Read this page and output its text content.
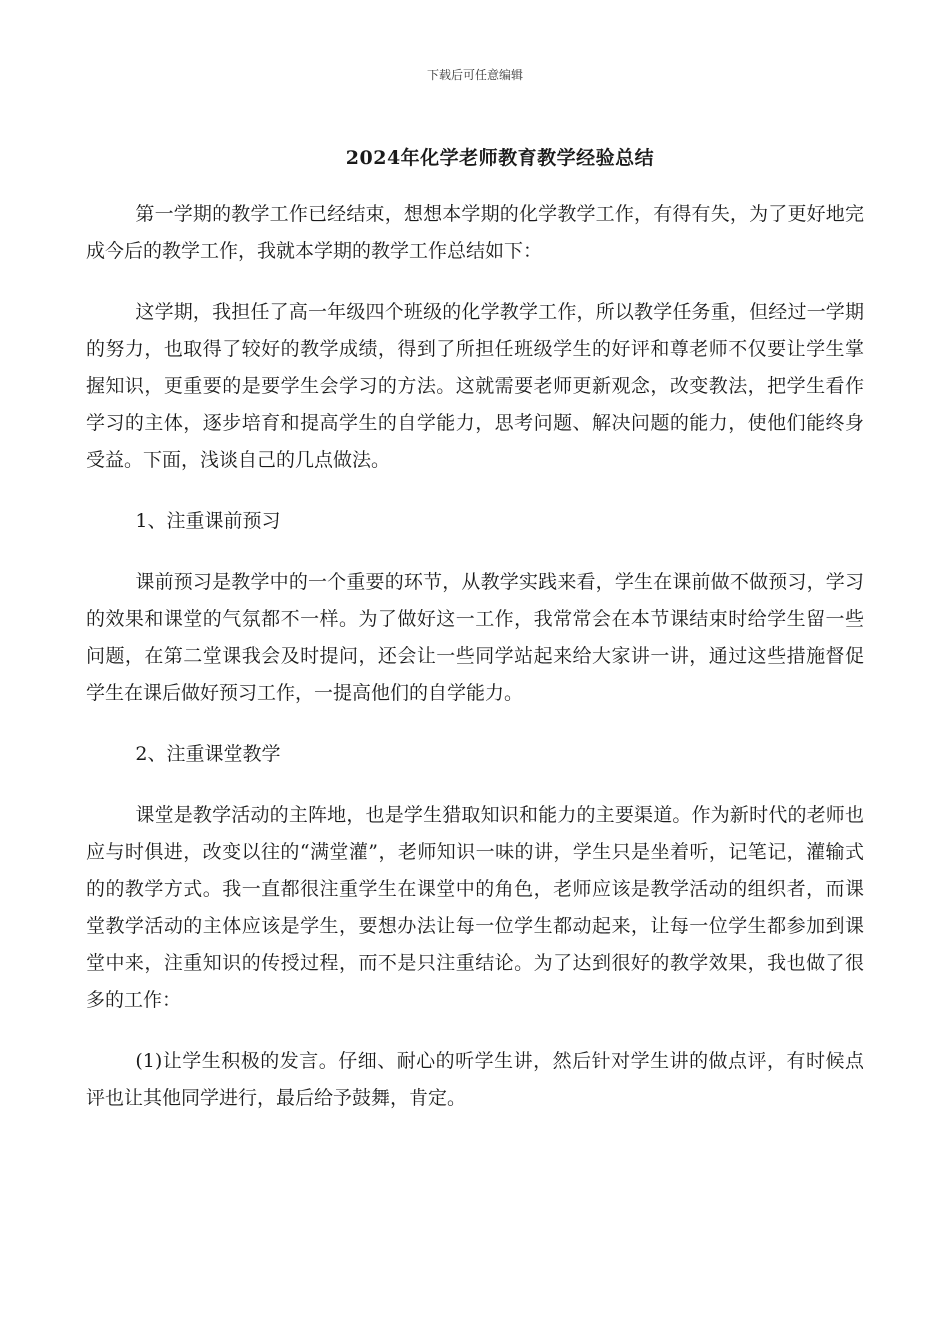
下载后可任意编辑
2024年化学老师教育教学经验总结

第一学期的教学工作已经结束，想想本学期的化学教学工作，有得有失，为了更好地完成今后的教学工作，我就本学期的教学工作总结如下：

这学期，我担任了高一年级四个班级的化学教学工作，所以教学任务重，但经过一学期的努力，也取得了较好的教学成绩，得到了所担任班级学生的好评和尊老师不仅要让学生掌握知识，更重要的是要学生会学习的方法。这就需要老师更新观念，改变教法，把学生看作学习的主体，逐步培育和提高学生的自学能力，思考问题、解决问题的能力，使他们能终身受益。下面，浅谈自己的几点做法。

1、注重课前预习

课前预习是教学中的一个重要的环节，从教学实践来看，学生在课前做不做预习，学习的效果和课堂的气氛都不一样。为了做好这一工作，我常常会在本节课结束时给学生留一些问题，在第二堂课我会及时提问，还会让一些同学站起来给大家讲一讲，通过这些措施督促学生在课后做好预习工作，一提高他们的自学能力。

2、注重课堂教学

课堂是教学活动的主阵地，也是学生猎取知识和能力的主要渠道。作为新时代的老师也应与时俱进，改变以往的“满堂灌”，老师知识一味的讲，学生只是坐着听，记笔记，灌输式的的教学方式。我一直都很注重学生在课堂中的角色，老师应该是教学活动的组织者，而课堂教学活动的主体应该是学生，要想办法让每一位学生都动起来，让每一位学生都参加到课堂中来，注重知识的传授过程，而不是只注重结论。为了达到很好的教学效果，我也做了很多的工作：

(1)让学生积极的发言。仔细、耐心的听学生讲，然后针对学生讲的做点评，有时候点评也让其他同学进行，最后给予鼓舞，肯定。
